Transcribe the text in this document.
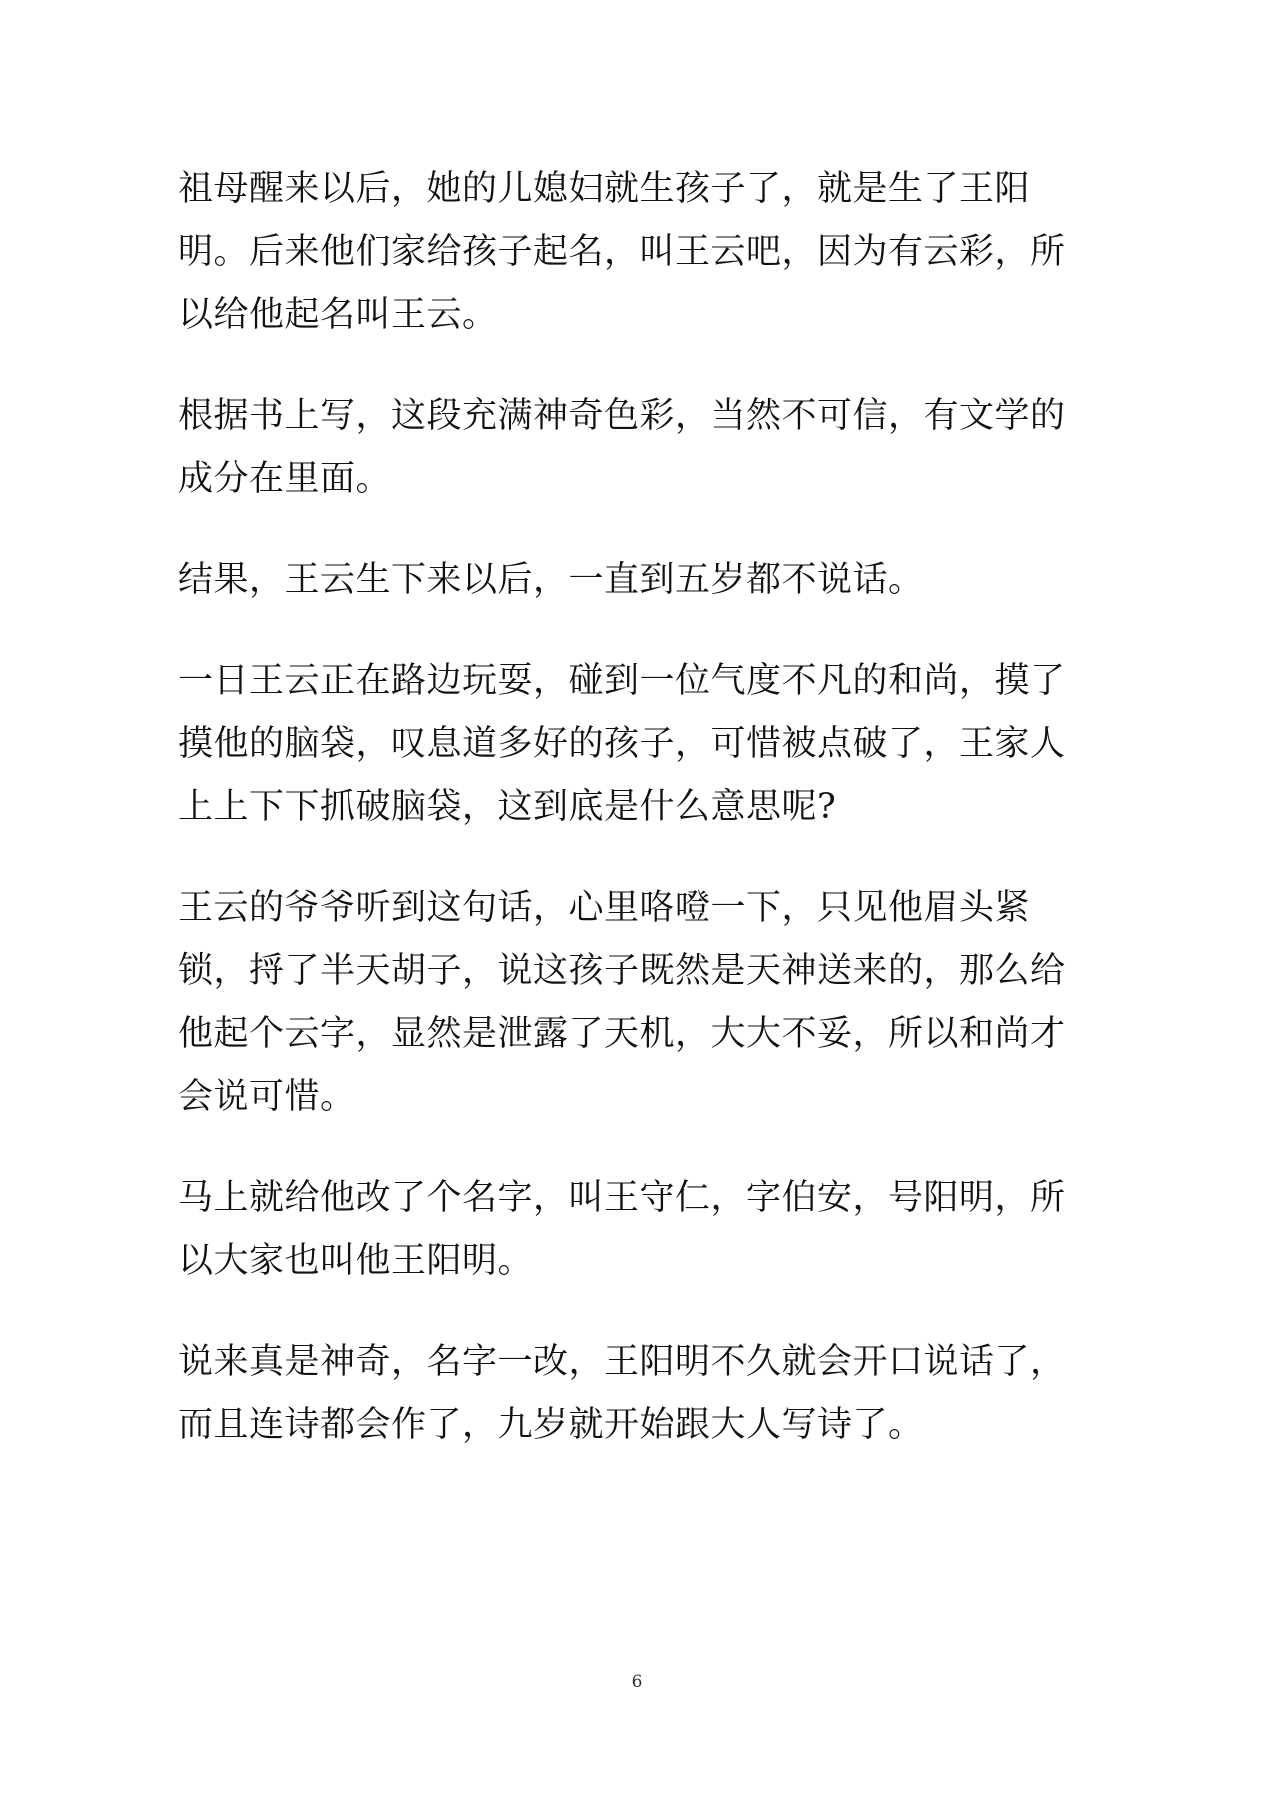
祖母醒来以后，她的儿媳妇就生孩子了，就是生了王阳明。后来他们家给孩子起名，叫王云吧，因为有云彩，所以给他起名叫王云。

根据书上写，这段充满神奇色彩，当然不可信，有文学的成分在里面。

结果，王云生下来以后，一直到五岁都不说话。

一日王云正在路边玩耍，碰到一位气度不凡的和尚，摸了摸他的脑袋，叹息道多好的孩子，可惜被点破了，王家人上上下下抓破脑袋，这到底是什么意思呢?

王云的爷爷听到这句话，心里咯噔一下，只见他眉头紧锁，捋了半天胡子，说这孩子既然是天神送来的，那么给他起个云字，显然是泄露了天机，大大不妥，所以和尚才会说可惜。

马上就给他改了个名字，叫王守仁，字伯安，号阳明，所以大家也叫他王阳明。

说来真是神奇，名字一改，王阳明不久就会开口说话了，而且连诗都会作了，九岁就开始跟大人写诗了。

6
